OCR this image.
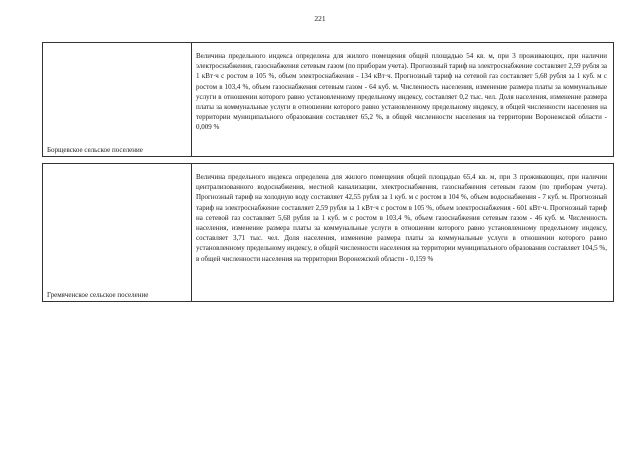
221
Борщевское сельское поселение	Величина предельного индекса определена для жилого помещения общей площадью 54 кв. м, при 3 проживающих, при наличии электроснабжения, газоснабжения сетевым газом (по приборам учета). Прогнозный тариф на электроснабжение составляет 2,59 рубля за 1 кВт·ч с ростом в 105 %, объем электроснабжения - 134 кВт·ч. Прогнозный тариф на сетевой газ составляет 5,68 рубля за 1 куб. м с ростом в 103,4 %, объем газоснабжения сетевым газом - 64 куб. м. Численность населения, изменение размера платы за коммунальные услуги в отношении которого равно установленному предельному индексу, составляет 0,2 тыс. чел. Доля населения, изменение размера платы за коммунальные услуги в отношении которого равно установленному предельному индексу, в общей численности населения на территории муниципального образования составляет 65,2 %, в общей численности населения на территории Воронежской области - 0,009 %

Гремяченское сельское поселение	Величина предельного индекса определена для жилого помещения общей площадью 65,4 кв. м, при 3 проживающих, при наличии централизованного водоснабжения, местной канализации, электроснабжения, газоснабжения сетевым газом (по приборам учета). Прогнозный тариф на холодную воду составляет 42,55 рубля за 1 куб. м с ростом в 104 %, объем водоснабжения - 7 куб. м. Прогнозный тариф на электроснабжение составляет 2,59 рубля за 1 кВт·ч с ростом в 105 %, объем электроснабжения - 601 кВт·ч. Прогнозный тариф на сетевой газ составляет 5,68 рубля за 1 куб. м с ростом в 103,4 %, объем газоснабжения сетевым газом - 46 куб. м. Численность населения, изменение размера платы за коммунальные услуги в отношении которого равно установленному предельному индексу, составляет 3,71 тыс. чел. Доля населения, изменение размера платы за коммунальные услуги в отношении которого равно установленному предельному индексу, в общей численности населения на территории муниципального образования составляет 104,5 %, в общей численности населения на территории Воронежской области - 0,159 %
